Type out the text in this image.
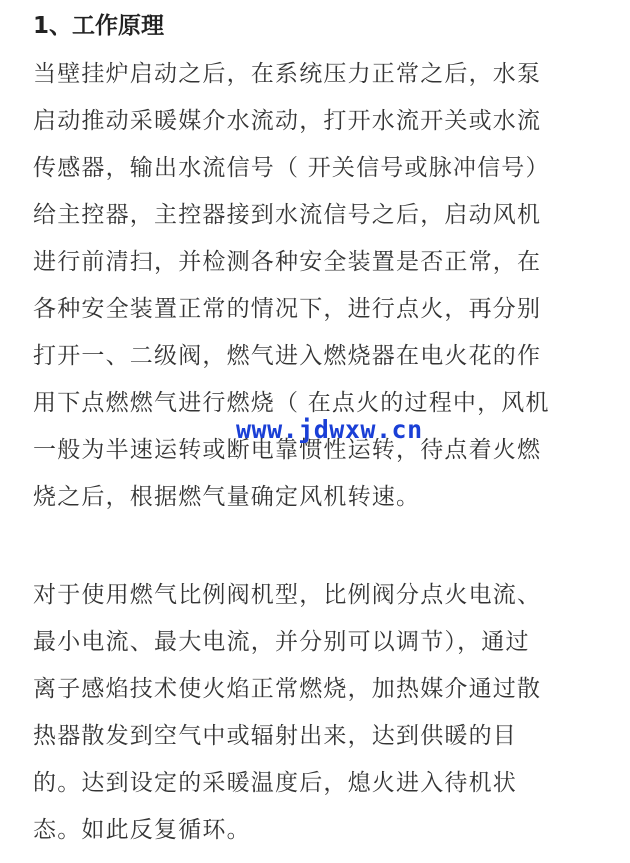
1、工作原理
当壁挂炉启动之后，在系统压力正常之后，水泵
启动推动采暖媒介水流动，打开水流开关或水流
传感器，输出水流信号（ 开关信号或脉冲信号）
给主控器，主控器接到水流信号之后，启动风机
进行前清扫，并检测各种安全装置是否正常，在
各种安全装置正常的情况下，进行点火，再分别
打开一、二级阀，燃气进入燃烧器在电火花的作
用下点燃燃气进行燃烧（ 在点火的过程中，风机
一般为半速运转或断电靠惯性运转，待点着火燃
烧之后，根据燃气量确定风机转速。
对于使用燃气比例阀机型，比例阀分点火电流、
最小电流、最大电流，并分别可以调节），通过
离子感焰技术使火焰正常燃烧，加热媒介通过散
热器散发到空气中或辐射出来，达到供暖的目
的。达到设定的采暖温度后，熄火进入待机状
态。如此反复循环。
www.jdwxw.cn
